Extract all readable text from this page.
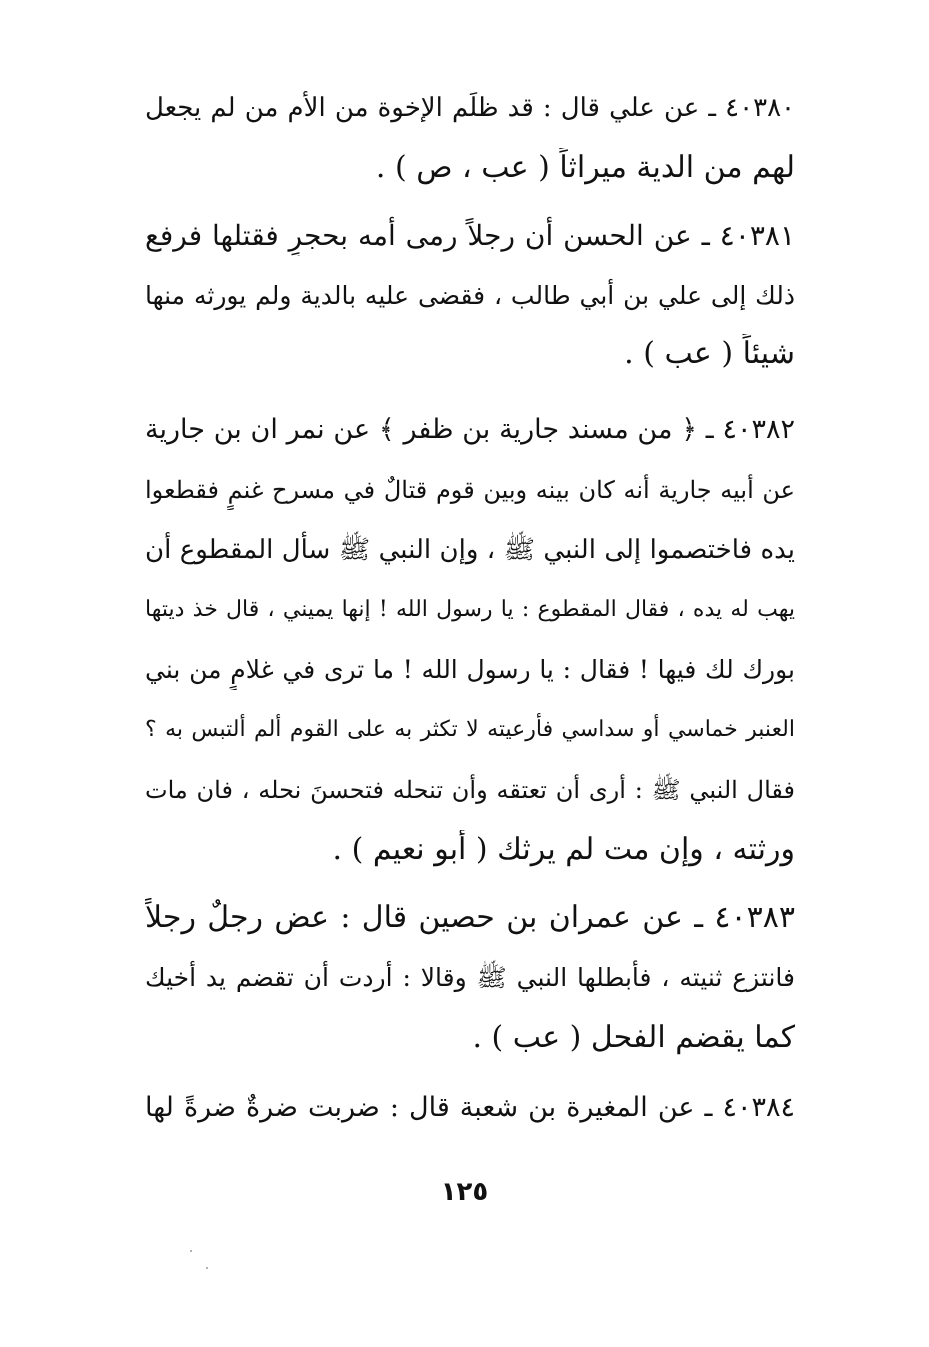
٤٠٣٨٠ ـ عن علي قال : قد ظلَم الإخوة من الأم من لم يجعل
لهم من الدية ميراثاً ( عب ، ص ) .
٤٠٣٨١ ـ عن الحسن أن رجلاً رمى أمه بحجرٍ فقتلها فرفع
ذلك إلى علي بن أبي طالب ، فقضى عليه بالدية ولم يورثه منها
شيئاً ( عب ) .
٤٠٣٨٢ ـ ﴿ من مسند جارية بن ظفر ﴾ عن نمر ان بن جارية
عن أبيه جارية أنه كان بينه وبين قوم قتالٌ في مسرح غنمٍ فقطعوا
يده فاختصموا إلى النبي ﷺ ، وإن النبي ﷺ سأل المقطوع أن
يهب له يده ، فقال المقطوع : يا رسول الله ! إنها يميني ، قال خذ ديتها
بورك لك فيها ! فقال : يا رسول الله ! ما ترى في غلامٍ من بني
العنبر خماسي أو سداسي فأرعيته لا تكثر به على القوم ألم ألتبس به ؟
فقال النبي ﷺ : أرى أن تعتقه وأن تنحله فتحسنَ نحله ، فان مات
ورثته ، وإن مت لم يرثك ( أبو نعيم ) .
٤٠٣٨٣ ـ عن عمران بن حصين قال : عض رجلٌ رجلاً
فانتزع ثنيته ، فأبطلها النبي ﷺ وقالا : أردت أن تقضم يد أخيك
كما يقضم الفحل ( عب ) .
٤٠٣٨٤ ـ عن المغيرة بن شعبة قال : ضربت ضرةٌ ضرةً لها
١٢٥
